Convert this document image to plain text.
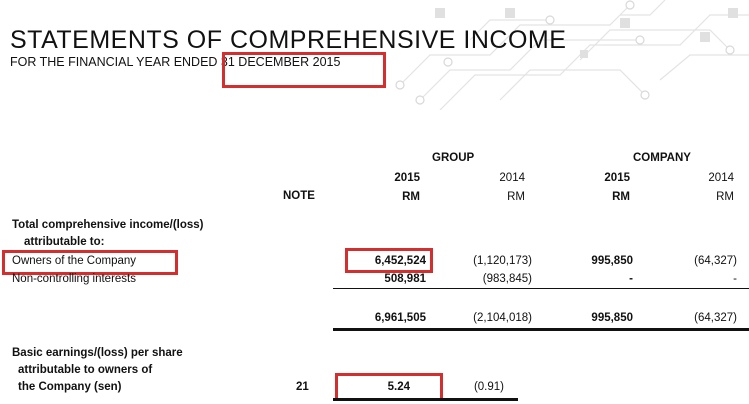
STATEMENTS OF COMPREHENSIVE INCOME
FOR THE FINANCIAL YEAR ENDED 31 DECEMBER 2015
GROUP	COMPANY
2015	2014	2015	2014
NOTE	RM	RM	RM	RM
Total comprehensive income/(loss)
attributable to:
Owners of the Company	6,452,524	(1,120,173)	995,850	(64,327)
Non-controlling interests	508,981	(983,845)	-	-
6,961,505	(2,104,018)	995,850	(64,327)
Basic earnings/(loss) per share
attributable to owners of
the Company (sen)	21	5.24	(0.91)
